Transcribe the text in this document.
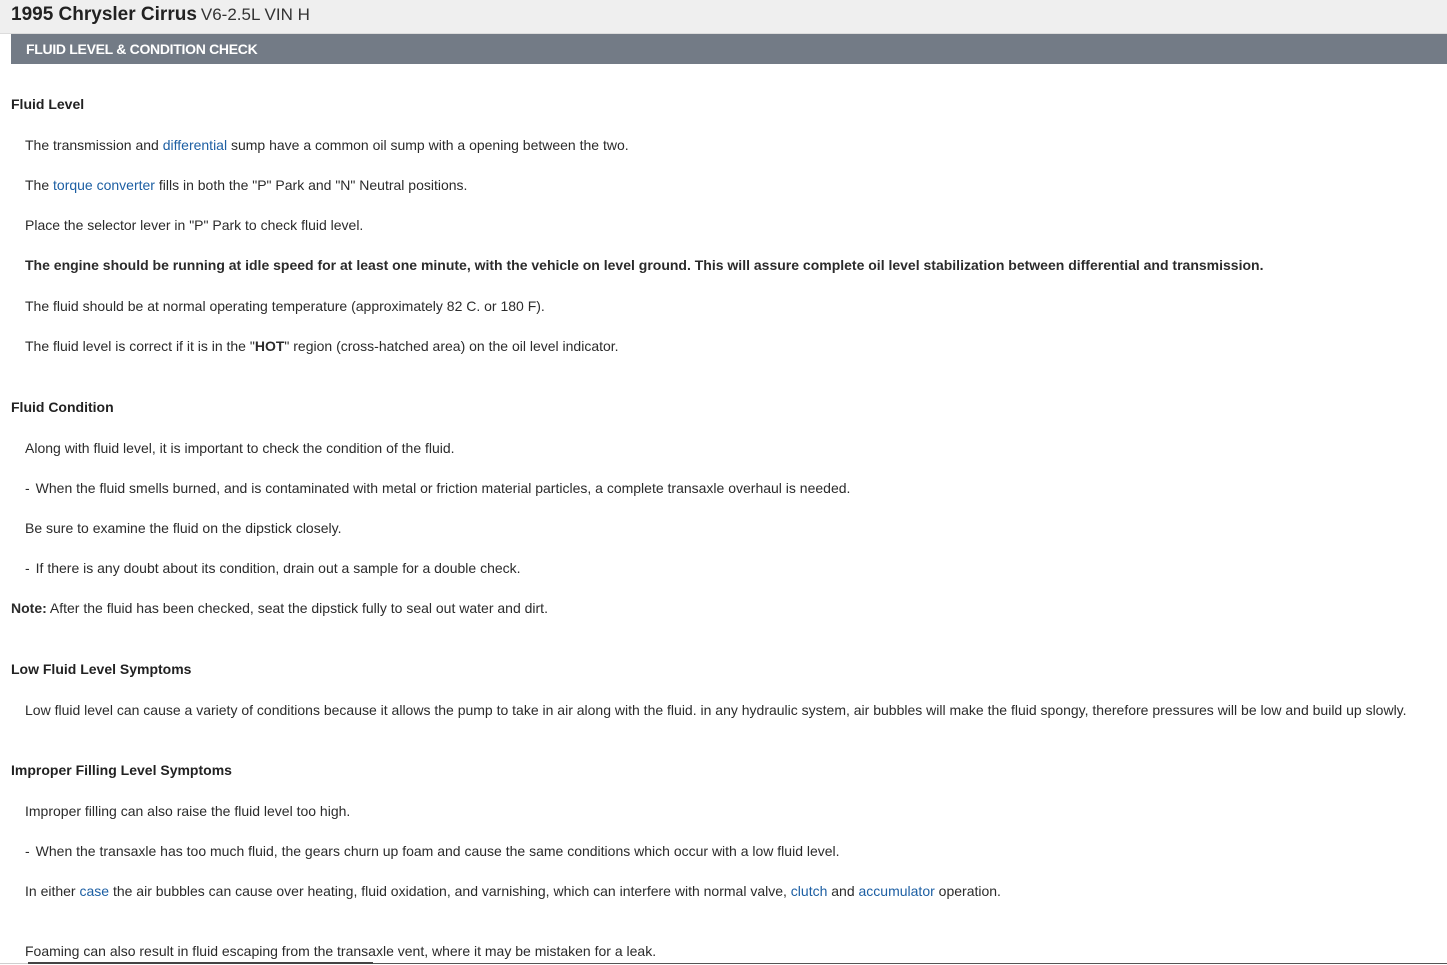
1995 Chrysler Cirrus V6-2.5L VIN H
FLUID LEVEL & CONDITION CHECK
Fluid Level
The transmission and differential sump have a common oil sump with a opening between the two.
The torque converter fills in both the "P" Park and "N" Neutral positions.
Place the selector lever in "P" Park to check fluid level.
The engine should be running at idle speed for at least one minute, with the vehicle on level ground. This will assure complete oil level stabilization between differential and transmission.
The fluid should be at normal operating temperature (approximately 82 C. or 180 F).
The fluid level is correct if it is in the "HOT" region (cross-hatched area) on the oil level indicator.
Fluid Condition
Along with fluid level, it is important to check the condition of the fluid.
- When the fluid smells burned, and is contaminated with metal or friction material particles, a complete transaxle overhaul is needed.
Be sure to examine the fluid on the dipstick closely.
- If there is any doubt about its condition, drain out a sample for a double check.
Note: After the fluid has been checked, seat the dipstick fully to seal out water and dirt.
Low Fluid Level Symptoms
Low fluid level can cause a variety of conditions because it allows the pump to take in air along with the fluid. in any hydraulic system, air bubbles will make the fluid spongy, therefore pressures will be low and build up slowly.
Improper Filling Level Symptoms
Improper filling can also raise the fluid level too high.
- When the transaxle has too much fluid, the gears churn up foam and cause the same conditions which occur with a low fluid level.
In either case the air bubbles can cause over heating, fluid oxidation, and varnishing, which can interfere with normal valve, clutch and accumulator operation.
Foaming can also result in fluid escaping from the transaxle vent, where it may be mistaken for a leak.
